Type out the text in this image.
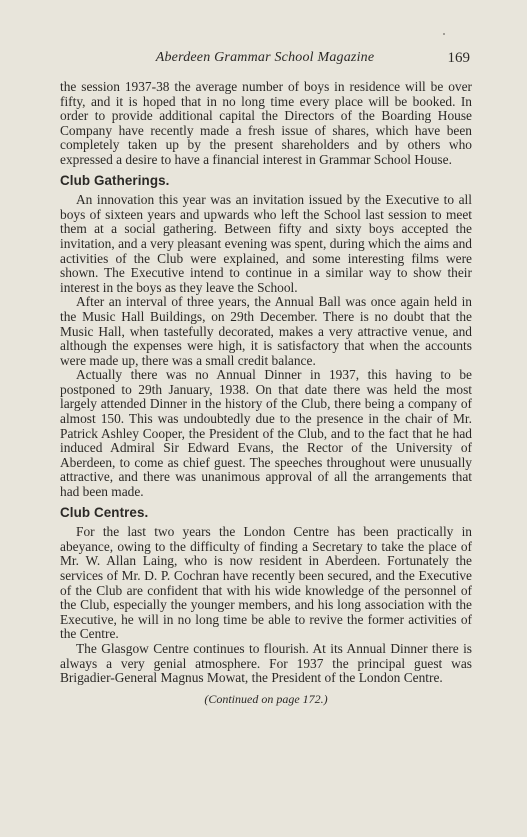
Aberdeen Grammar School Magazine	169

the session 1937-38 the average number of boys in residence will be over fifty, and it is hoped that in no long time every place will be booked. In order to provide additional capital the Directors of the Boarding House Company have recently made a fresh issue of shares, which have been completely taken up by the present shareholders and by others who expressed a desire to have a financial interest in Grammar School House.

Club Gatherings.

An innovation this year was an invitation issued by the Executive to all boys of sixteen years and upwards who left the School last session to meet them at a social gathering. Between fifty and sixty boys accepted the invitation, and a very pleasant evening was spent, during which the aims and activities of the Club were explained, and some interesting films were shown. The Executive intend to continue in a similar way to show their interest in the boys as they leave the School.

After an interval of three years, the Annual Ball was once again held in the Music Hall Buildings, on 29th December. There is no doubt that the Music Hall, when tastefully decorated, makes a very attractive venue, and although the expenses were high, it is satisfactory that when the accounts were made up, there was a small credit balance.

Actually there was no Annual Dinner in 1937, this having to be postponed to 29th January, 1938. On that date there was held the most largely attended Dinner in the history of the Club, there being a company of almost 150. This was undoubtedly due to the presence in the chair of Mr. Patrick Ashley Cooper, the President of the Club, and to the fact that he had induced Admiral Sir Edward Evans, the Rector of the University of Aberdeen, to come as chief guest. The speeches throughout were unusually attractive, and there was unanimous approval of all the arrangements that had been made.

Club Centres.

For the last two years the London Centre has been practically in abeyance, owing to the difficulty of finding a Secretary to take the place of Mr. W. Allan Laing, who is now resident in Aberdeen. Fortunately the services of Mr. D. P. Cochran have recently been secured, and the Executive of the Club are confident that with his wide knowledge of the personnel of the Club, especially the younger members, and his long association with the Executive, he will in no long time be able to revive the former activities of the Centre.

The Glasgow Centre continues to flourish. At its Annual Dinner there is always a very genial atmosphere. For 1937 the principal guest was Brigadier-General Magnus Mowat, the President of the London Centre.

(Continued on page 172.)
